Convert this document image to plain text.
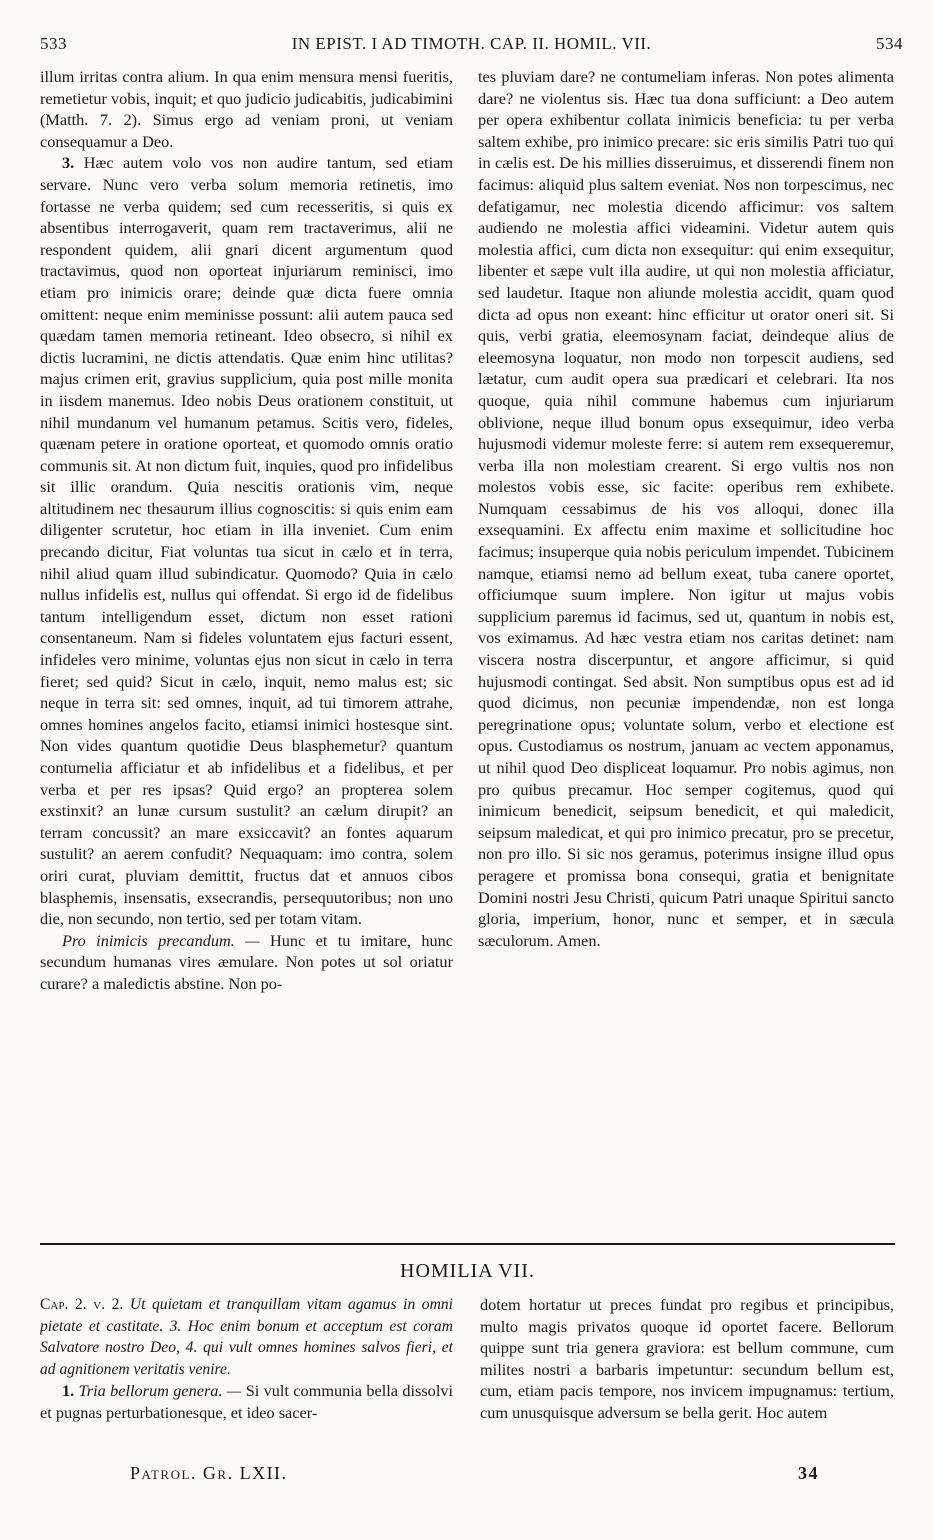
533	IN EPIST. I AD TIMOTH. CAP. II. HOMIL. VII.	534

illum irritas contra alium. In qua enim mensura mensi fueritis, remetietur vobis, inquit; et quo judicio judicabitis, judicabimini (Matth. 7. 2). Simus ergo ad veniam proni, ut veniam consequamur a Deo.

3. Hæc autem volo vos non audire tantum, sed etiam servare. Nunc vero verba solum memoria retinetis, imo fortasse ne verba quidem; sed cum recesseritis, si quis ex absentibus interrogaverit, quam rem tractaverimus, alii ne respondent quidem, alii gnari dicent argumentum quod tractavimus, quod non oporteat injuriarum reminisci, imo etiam pro inimicis orare; deinde quæ dicta fuere omnia omittent: neque enim meminisse possunt: alii autem pauca sed quædam tamen memoria retineant. Ideo obsecro, si nihil ex dictis lucramini, ne dictis attendatis. Quæ enim hinc utilitas? majus crimen erit, gravius supplicium, quia post mille monita in iisdem manemus. Ideo nobis Deus orationem constituit, ut nihil mundanum vel humanum petamus. Scitis vero, fideles, quænam petere in oratione oporteat, et quomodo omnis oratio communis sit. At non dictum fuit, inquies, quod pro infidelibus sit illic orandum. Quia nescitis orationis vim, neque altitudinem nec thesaurum illius cognoscitis: si quis enim eam diligenter scrutetur, hoc etiam in illa inveniet. Cum enim precando dicitur, Fiat voluntas tua sicut in cælo et in terra, nihil aliud quam illud subindicatur. Quomodo? Quia in cælo nullus infidelis est, nullus qui offendat. Si ergo id de fidelibus tantum intelligendum esset, dictum non esset rationi consentaneum. Nam si fideles voluntatem ejus facturi essent, infideles vero minime, voluntas ejus non sicut in cælo in terra fieret; sed quid? Sicut in cælo, inquit, nemo malus est; sic neque in terra sit: sed omnes, inquit, ad tui timorem attrahe, omnes homines angelos facito, etiamsi inimici hostesque sint. Non vides quantum quotidie Deus blasphemetur? quantum contumelia afficiatur et ab infidelibus et a fidelibus, et per verba et per res ipsas? Quid ergo? an propterea solem exstinxit? an lunæ cursum sustulit? an cælum dirupit? an terram concussit? an mare exsiccavit? an fontes aquarum sustulit? an aerem confudit? Nequaquam: imo contra, solem oriri curat, pluviam demittit, fructus dat et annuos cibos blasphemis, insensatis, exsecrandis, persequutoribus; non uno die, non secundo, non tertio, sed per totam vitam.

Pro inimicis precandum. — Hunc et tu imitare, hunc secundum humanas vires æmulare. Non potes ut sol oriatur curare? a maledictis abstine. Non po-

tes pluviam dare? ne contumeliam inferas. Non potes alimenta dare? ne violentus sis. Hæc tua dona sufficiunt: a Deo autem per opera exhibentur collata inimicis beneficia: tu per verba saltem exhibe, pro inimico precare: sic eris similis Patri tuo qui in cælis est. De his millies disseruimus, et disserendi finem non facimus: aliquid plus saltem eveniat. Nos non torpescimus, nec defatigamur, nec molestia dicendo afficimur: vos saltem audiendo ne molestia affici videamini. Videtur autem quis molestia affici, cum dicta non exsequitur: qui enim exsequitur, libenter et sæpe vult illa audire, ut qui non molestia afficiatur, sed laudetur. Itaque non aliunde molestia accidit, quam quod dicta ad opus non exeant: hinc efficitur ut orator oneri sit. Si quis, verbi gratia, eleemosynam faciat, deindeque alius de eleemosyna loquatur, non modo non torpescit audiens, sed lætatur, cum audit opera sua prædicari et celebrari. Ita nos quoque, quia nihil commune habemus cum injuriarum oblivione, neque illud bonum opus exsequimur, ideo verba hujusmodi videmur moleste ferre: si autem rem exsequeremur, verba illa non molestiam crearent. Si ergo vultis nos non molestos vobis esse, sic facite: operibus rem exhibete. Numquam cessabimus de his vos alloqui, donec illa exsequamini. Ex affectu enim maxime et sollicitudine hoc facimus; insuperque quia nobis periculum impendet. Tubicinem namque, etiamsi nemo ad bellum exeat, tuba canere oportet, officiumque suum implere. Non igitur ut majus vobis supplicium paremus id facimus, sed ut, quantum in nobis est, vos eximamus. Ad hæc vestra etiam nos caritas detinet: nam viscera nostra discerpuntur, et angore afficimur, si quid hujusmodi contingat. Sed absit. Non sumptibus opus est ad id quod dicimus, non pecuniæ impendendæ, non est longa peregrinatione opus; voluntate solum, verbo et electione est opus. Custodiamus os nostrum, januam ac vectem apponamus, ut nihil quod Deo displiceat loquamur. Pro nobis agimus, non pro quibus precamur. Hoc semper cogitemus, quod qui inimicum benedicit, seipsum benedicit, et qui maledicit, seipsum maledicat, et qui pro inimico precatur, pro se precetur, non pro illo. Si sic nos geramus, poterimus insigne illud opus peragere et promissa bona consequi, gratia et benignitate Domini nostri Jesu Christi, quicum Patri unaque Spiritui sancto gloria, imperium, honor, nunc et semper, et in sæcula sæculorum. Amen.

HOMILIA VII.

Cap. 2. v. 2. Ut quietam et tranquillam vitam agamus in omni pietate et castitate. 3. Hoc enim bonum et acceptum est coram Salvatore nostro Deo, 4. qui vult omnes homines salvos fieri, et ad agnitionem veritatis venire.

1. Tria bellorum genera. — Si vult communia bella dissolvi et pugnas perturbationesque, et ideo sacer-

dotem hortatur ut preces fundat pro regibus et principibus, multo magis privatos quoque id oportet facere. Bellorum quippe sunt tria genera graviora: est bellum commune, cum milites nostri a barbaris impetuntur: secundum bellum est, cum, etiam pacis tempore, nos invicem impugnamus: tertium, cum unusquisque adversum se bella gerit. Hoc autem

Patrol. Gr. LXII.	34
